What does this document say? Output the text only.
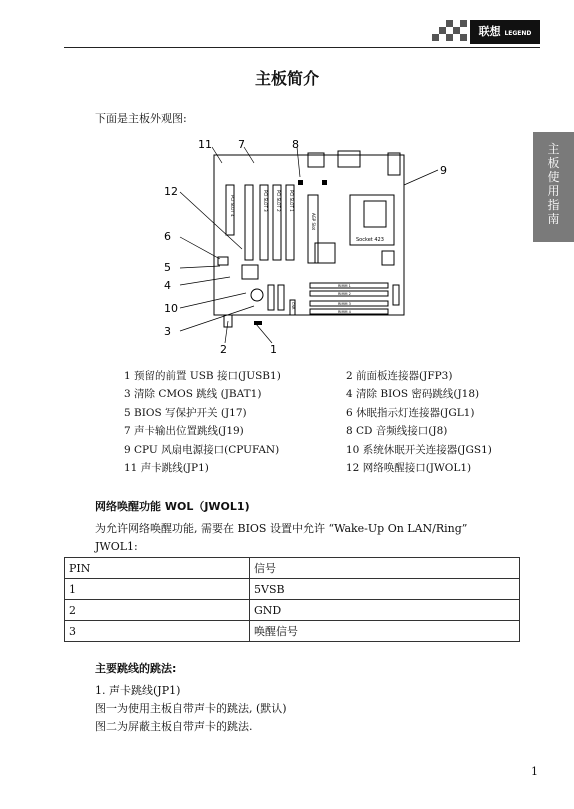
联想 LEGEND
主板使用指南
主板简介
下面是主板外观图:
PCI SLOT 4	PCI SLOT 3 PCI SLOT 2 PCI SLOT 1
AGP Slot
Socket 423
RIMM 1
RIMM 2
RIMM 3
RIMM 4
CNR
11 7	8
9
12
6
5
4
10
3
2	1
1 预留的前置 USB 接口(JUSB1)	2 前面板连接器(JFP3)
3 清除 CMOS 跳线 (JBAT1)	4 清除 BIOS 密码跳线(J18)
5 BIOS 写保护开关 (J17)	6 休眠指示灯连接器(JGL1)
7 声卡输出位置跳线(J19)	8 CD 音频线接口(J8)
9 CPU 风扇电源接口(CPUFAN)	10 系统休眠开关连接器(JGS1)
11 声卡跳线(JP1)	12 网络唤醒接口(JWOL1)
网络唤醒功能 WOL（JWOL1)
为允许网络唤醒功能, 需要在 BIOS 设置中允许 “Wake-Up On LAN/Ring”
JWOL1:
PIN	信号
1	5VSB
2	GND
3	唤醒信号
主要跳线的跳法:
1. 声卡跳线(JP1)
图一为使用主板自带声卡的跳法, (默认)
图二为屏蔽主板自带声卡的跳法.
1
